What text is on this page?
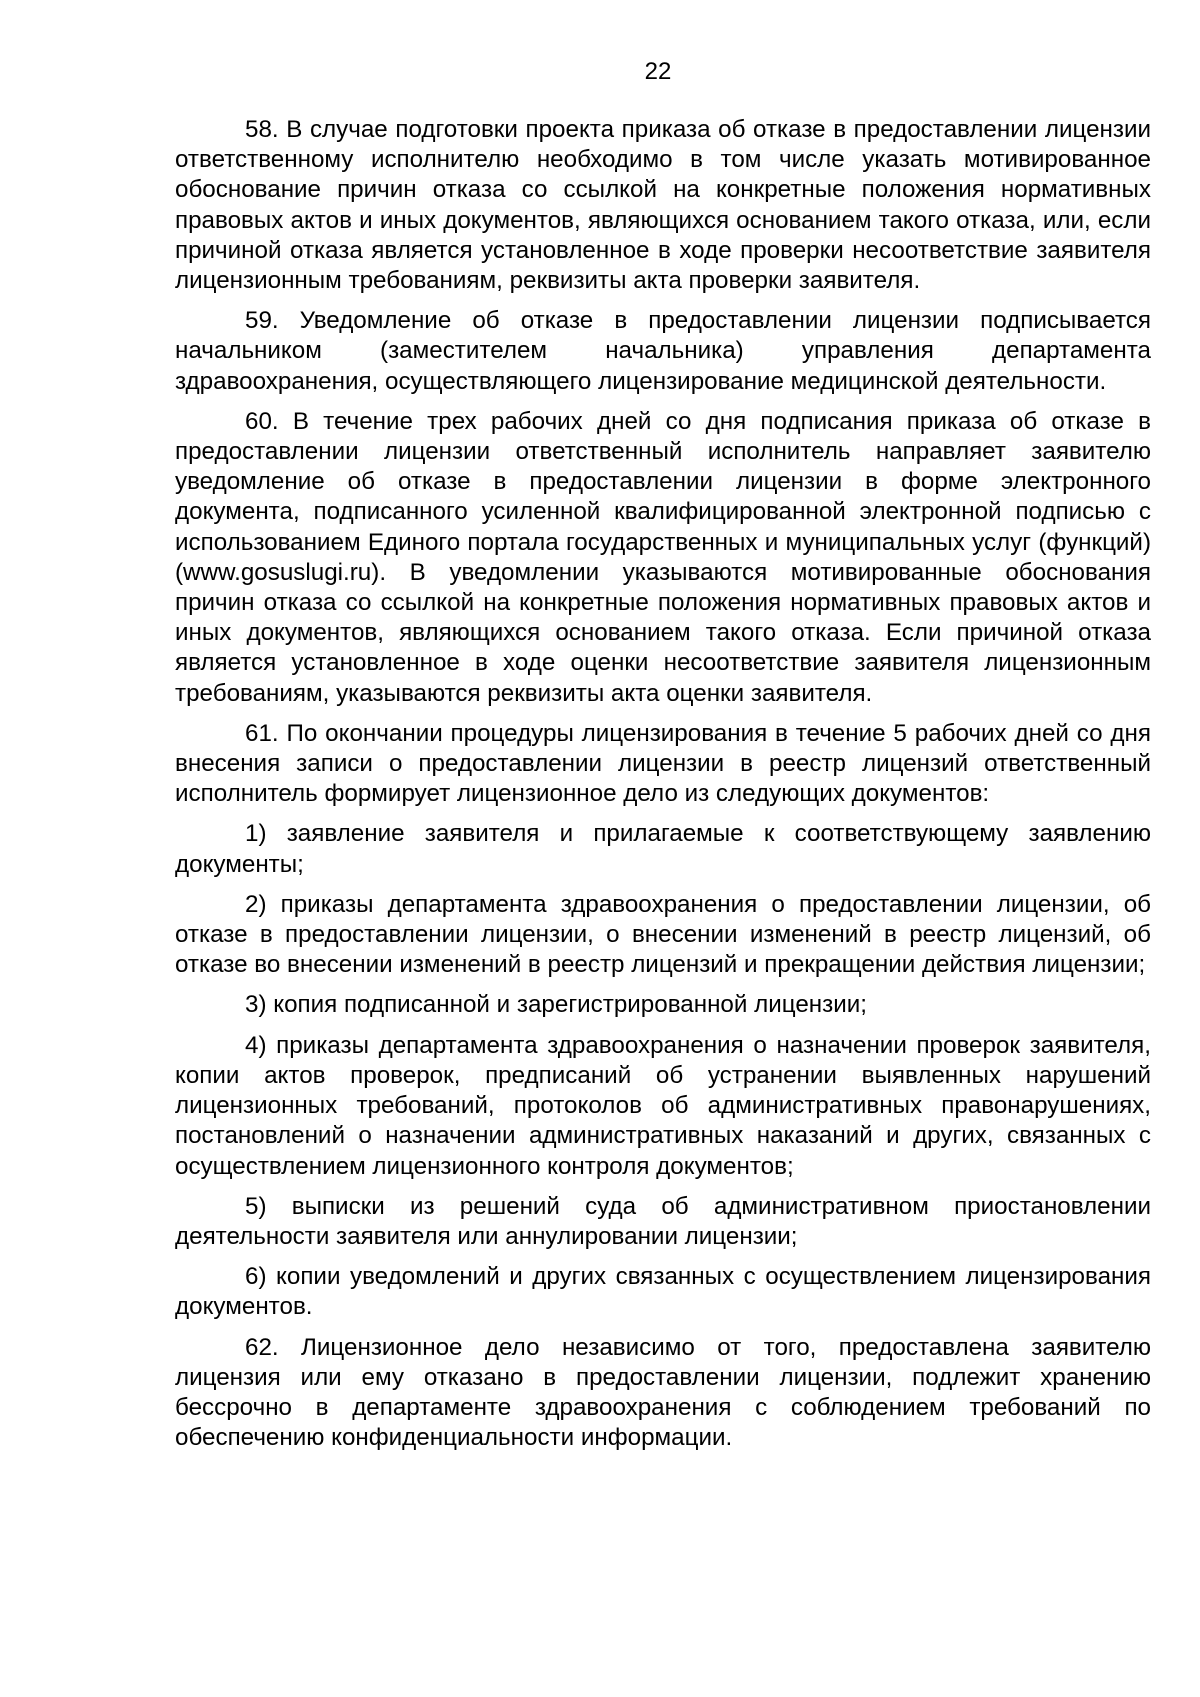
22

58. В случае подготовки проекта приказа об отказе в предоставлении лицензии ответственному исполнителю необходимо в том числе указать мотивированное обоснование причин отказа со ссылкой на конкретные положения нормативных правовых актов и иных документов, являющихся основанием такого отказа, или, если причиной отказа является установленное в ходе проверки несоответствие заявителя лицензионным требованиям, реквизиты акта проверки заявителя.

59. Уведомление об отказе в предоставлении лицензии подписывается начальником (заместителем начальника) управления департамента здравоохранения, осуществляющего лицензирование медицинской деятельности.

60. В течение трех рабочих дней со дня подписания приказа об отказе в предоставлении лицензии ответственный исполнитель направляет заявителю уведомление об отказе в предоставлении лицензии в форме электронного документа, подписанного усиленной квалифицированной электронной подписью с использованием Единого портала государственных и муниципальных услуг (функций) (www.gosuslugi.ru). В уведомлении указываются мотивированные обоснования причин отказа со ссылкой на конкретные положения нормативных правовых актов и иных документов, являющихся основанием такого отказа. Если причиной отказа является установленное в ходе оценки несоответствие заявителя лицензионным требованиям, указываются реквизиты акта оценки заявителя.

61. По окончании процедуры лицензирования в течение 5 рабочих дней со дня внесения записи о предоставлении лицензии в реестр лицензий ответственный исполнитель формирует лицензионное дело из следующих документов:

1) заявление заявителя и прилагаемые к соответствующему заявлению документы;

2) приказы департамента здравоохранения о предоставлении лицензии, об отказе в предоставлении лицензии, о внесении изменений в реестр лицензий, об отказе во внесении изменений в реестр лицензий и прекращении действия лицензии;

3) копия подписанной и зарегистрированной лицензии;

4) приказы департамента здравоохранения о назначении проверок заявителя, копии актов проверок, предписаний об устранении выявленных нарушений лицензионных требований, протоколов об административных правонарушениях, постановлений о назначении административных наказаний и других, связанных с осуществлением лицензионного контроля документов;

5) выписки из решений суда об административном приостановлении деятельности заявителя или аннулировании лицензии;

6) копии уведомлений и других связанных с осуществлением лицензирования документов.

62. Лицензионное дело независимо от того, предоставлена заявителю лицензия или ему отказано в предоставлении лицензии, подлежит хранению бессрочно в департаменте здравоохранения с соблюдением требований по обеспечению конфиденциальности информации.
